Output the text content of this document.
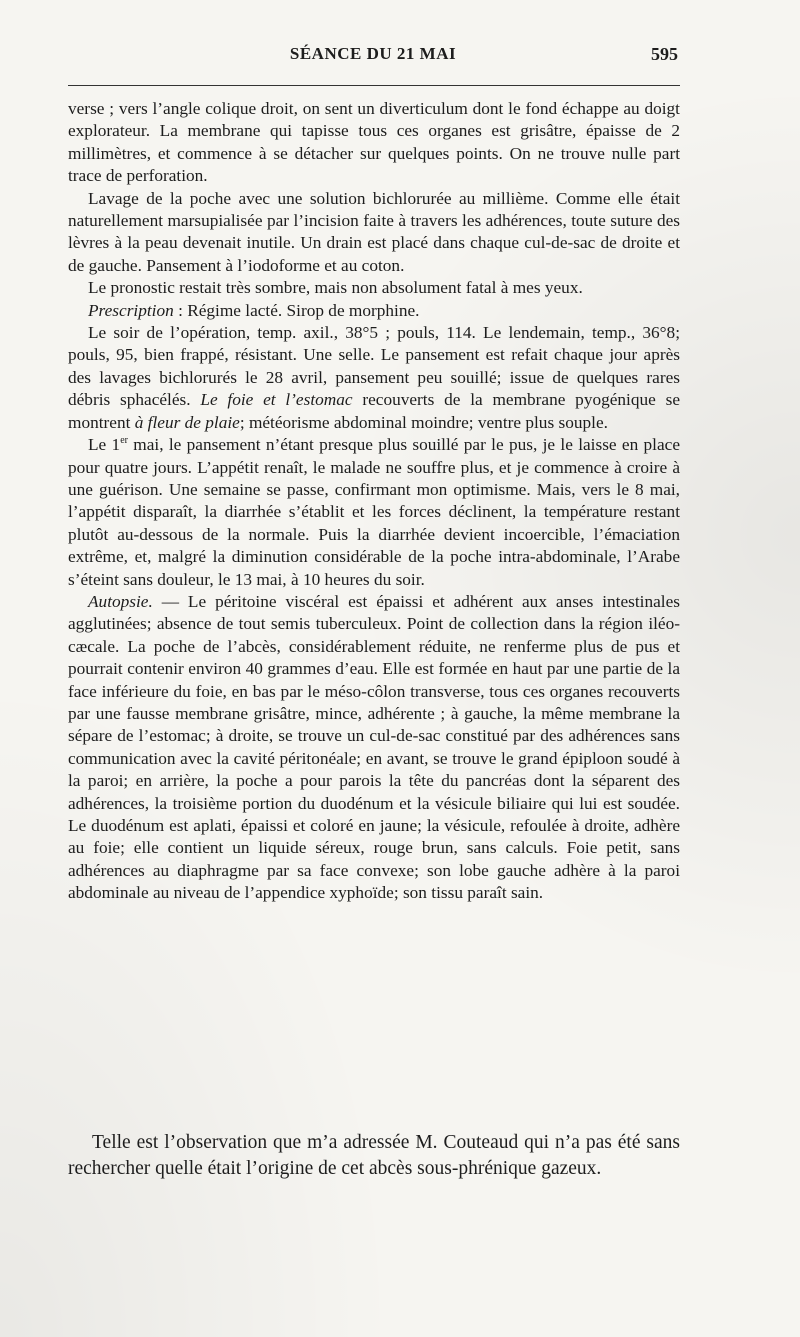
SÉANCE DU 21 MAI	595

verse ; vers l’angle colique droit, on sent un diverticulum dont le fond échappe au doigt explorateur. La membrane qui tapisse tous ces organes est grisâtre, épaisse de 2 millimètres, et commence à se détacher sur quelques points. On ne trouve nulle part trace de perforation.

Lavage de la poche avec une solution bichlorurée au millième. Comme elle était naturellement marsupialisée par l’incision faite à travers les adhérences, toute suture des lèvres à la peau devenait inutile. Un drain est placé dans chaque cul-de-sac de droite et de gauche. Pansement à l’iodoforme et au coton.

Le pronostic restait très sombre, mais non absolument fatal à mes yeux.

Prescription : Régime lacté. Sirop de morphine.

Le soir de l’opération, temp. axil., 38°5 ; pouls, 114. Le lendemain, temp., 36°8; pouls, 95, bien frappé, résistant. Une selle. Le pansement est refait chaque jour après des lavages bichlorurés le 28 avril, pansement peu souillé; issue de quelques rares débris sphacélés. Le foie et l’estomac recouverts de la membrane pyogénique se montrent à fleur de plaie; météorisme abdominal moindre; ventre plus souple.

Le 1er mai, le pansement n’étant presque plus souillé par le pus, je le laisse en place pour quatre jours. L’appétit renaît, le malade ne souffre plus, et je commence à croire à une guérison. Une semaine se passe, confirmant mon optimisme. Mais, vers le 8 mai, l’appétit disparaît, la diarrhée s’établit et les forces déclinent, la température restant plutôt au-dessous de la normale. Puis la diarrhée devient incoercible, l’émaciation extrême, et, malgré la diminution considérable de la poche intra-abdominale, l’Arabe s’éteint sans douleur, le 13 mai, à 10 heures du soir.

Autopsie. — Le péritoine viscéral est épaissi et adhérent aux anses intestinales agglutinées; absence de tout semis tuberculeux. Point de collection dans la région iléo-cæcale. La poche de l’abcès, considérablement réduite, ne renferme plus de pus et pourrait contenir environ 40 grammes d’eau. Elle est formée en haut par une partie de la face inférieure du foie, en bas par le méso-côlon transverse, tous ces organes recouverts par une fausse membrane grisâtre, mince, adhérente ; à gauche, la même membrane la sépare de l’estomac; à droite, se trouve un cul-de-sac constitué par des adhérences sans communication avec la cavité péritonéale; en avant, se trouve le grand épiploon soudé à la paroi; en arrière, la poche a pour parois la tête du pancréas dont la séparent des adhérences, la troisième portion du duodénum et la vésicule biliaire qui lui est soudée. Le duodénum est aplati, épaissi et coloré en jaune; la vésicule, refoulée à droite, adhère au foie; elle contient un liquide séreux, rouge brun, sans calculs. Foie petit, sans adhérences au diaphragme par sa face convexe; son lobe gauche adhère à la paroi abdominale au niveau de l’appendice xyphoïde; son tissu paraît sain.

Telle est l’observation que m’a adressée M. Couteaud qui n’a pas été sans rechercher quelle était l’origine de cet abcès sous-phrénique gazeux.
